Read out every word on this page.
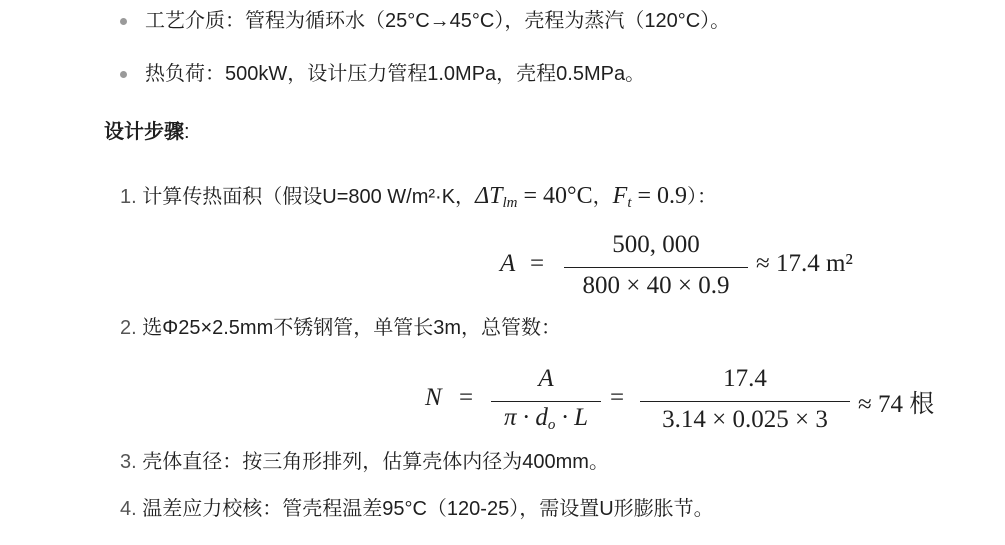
工艺介质：管程为循环水（25°C→45°C），壳程为蒸汽（120°C）。
热负荷：500kW，设计压力管程1.0MPa，壳程0.5MPa。
设计步骤:
1. 计算传热面积（假设U=800 W/m²·K，$\Delta T_{lm} = 40^\circ C$，$F_t = 0.9$）：
A =
500, 000
800 × 40 × 0.9
≈ 17.4 m²
2. 选Φ25×2.5mm不锈钢管，单管长3m，总管数：
N =
A
$\pi \cdot d_o \cdot L$
=
17.4
3.14 × 0.025 × 3
≈ 74 根
3. 壳体直径：按三角形排列，估算壳体内径为400mm。
4. 温差应力校核：管壳程温差95°C（120-25），需设置U形膨胀节。
